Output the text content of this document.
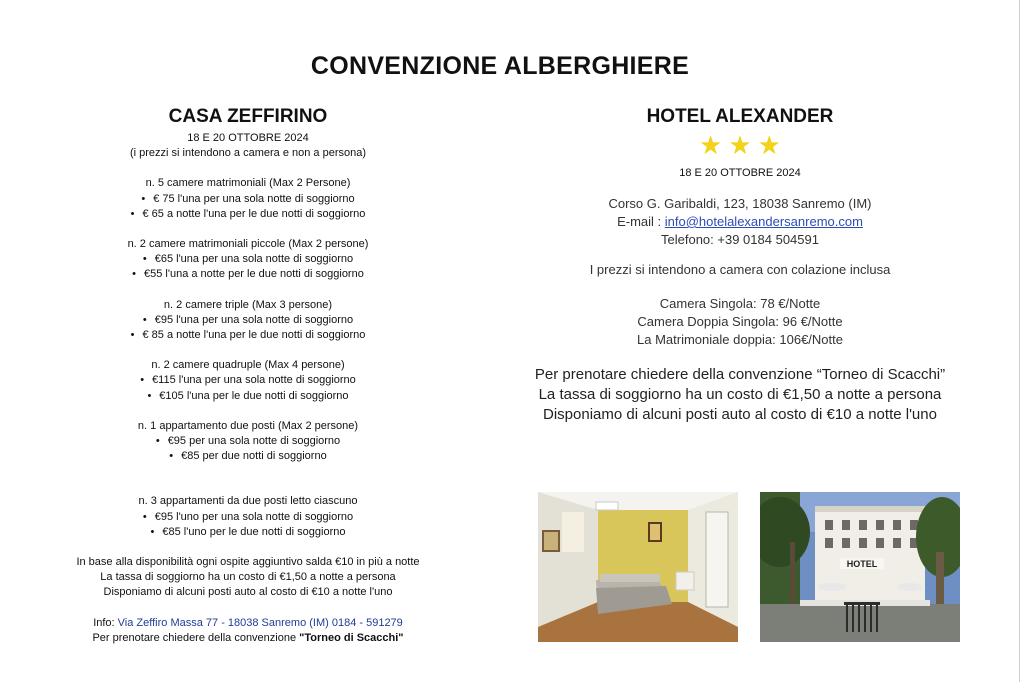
CONVENZIONE ALBERGHIERE
CASA ZEFFIRINO
18 E 20 OTTOBRE 2024
(i prezzi si intendono a camera e non a persona)
n. 5 camere matrimoniali (Max 2 Persone)
• € 75 l'una per una sola notte di soggiorno
• € 65 a notte l'una per le due notti di soggiorno
n. 2 camere matrimoniali piccole (Max 2 persone)
• €65 l'una per una sola notte di soggiorno
• €55 l'una a notte per le due notti di soggiorno
n. 2 camere triple (Max 3 persone)
• €95 l'una per una sola notte di soggiorno
• € 85 a notte l'una per le due notti di soggiorno
n. 2 camere quadruple (Max 4 persone)
• €115 l'una per una sola notte di soggiorno
• €105 l'una per le due notti di soggiorno
n. 1 appartamento due posti (Max 2 persone)
• €95 per una sola notte di soggiorno
• €85 per due notti di soggiorno
n. 3 appartamenti da due posti letto ciascuno
• €95 l'uno per una sola notte di soggiorno
• €85 l'uno per le due notti di soggiorno
In base alla disponibilità ogni ospite aggiuntivo salda €10 in più a notte
La tassa di soggiorno ha un costo di €1,50 a notte a persona
Disponiamo di alcuni posti auto al costo di €10 a notte l'uno
Info: Via Zeffiro Massa 77 - 18038 Sanremo (IM) 0184 - 591279
Per prenotare chiedere della convenzione "Torneo di Scacchi"
HOTEL ALEXANDER
★ ★ ★
18 E 20 OTTOBRE 2024
Corso G. Garibaldi, 123, 18038 Sanremo (IM)
E-mail : info@hotelalexandersanremo.com
Telefono: +39 0184 504591
I prezzi si intendono a camera con colazione inclusa
Camera Singola: 78 €/Notte
Camera Doppia Singola: 96 €/Notte
La Matrimoniale doppia: 106€/Notte
Per prenotare chiedere della convenzione “Torneo di Scacchi”
La tassa di soggiorno ha un costo di €1,50 a notte a persona
Disponiamo di alcuni posti auto al costo di €10 a notte l'uno
HOTEL
